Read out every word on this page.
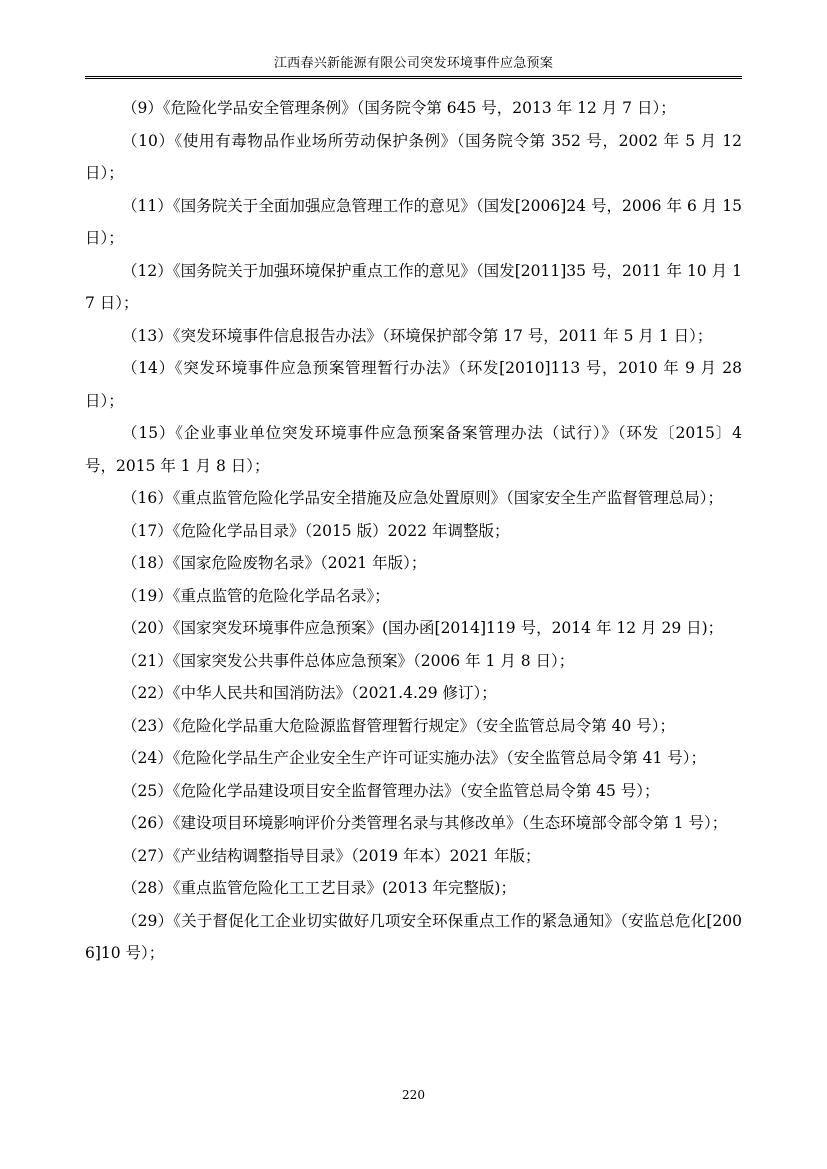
江西春兴新能源有限公司突发环境事件应急预案

（9）《危险化学品安全管理条例》（国务院令第 645 号，2013 年 12 月 7 日）；

（10）《使用有毒物品作业场所劳动保护条例》（国务院令第 352 号，2002 年 5 月 12 日）；

（11）《国务院关于全面加强应急管理工作的意见》（国发[2006]24 号，2006 年 6 月 15 日）；

（12）《国务院关于加强环境保护重点工作的意见》（国发[2011]35 号，2011 年 10 月 17 日）；

（13）《突发环境事件信息报告办法》（环境保护部令第 17 号，2011 年 5 月 1 日）；

（14）《突发环境事件应急预案管理暂行办法》（环发[2010]113 号，2010 年 9 月 28 日）；

（15）《企业事业单位突发环境事件应急预案备案管理办法（试行）》（环发〔2015〕4 号，2015 年 1 月 8 日）；

（16）《重点监管危险化学品安全措施及应急处置原则》（国家安全生产监督管理总局）；

（17）《危险化学品目录》（2015 版）2022 年调整版；

（18）《国家危险废物名录》（2021 年版）；

（19）《重点监管的危险化学品名录》；

（20）《国家突发环境事件应急预案》(国办函[2014]119 号，2014 年 12 月 29 日)；

（21）《国家突发公共事件总体应急预案》（2006 年 1 月 8 日）；

（22）《中华人民共和国消防法》（2021.4.29 修订）；

（23）《危险化学品重大危险源监督管理暂行规定》（安全监管总局令第 40 号）；

（24）《危险化学品生产企业安全生产许可证实施办法》（安全监管总局令第 41 号）；

（25）《危险化学品建设项目安全监督管理办法》（安全监管总局令第 45 号）；

（26）《建设项目环境影响评价分类管理名录与其修改单》（生态环境部令部令第 1 号）；

（27）《产业结构调整指导目录》（2019 年本）2021 年版；

（28）《重点监管危险化工工艺目录》(2013 年完整版)；

（29）《关于督促化工企业切实做好几项安全环保重点工作的紧急通知》（安监总危化[2006]10 号）；

220
